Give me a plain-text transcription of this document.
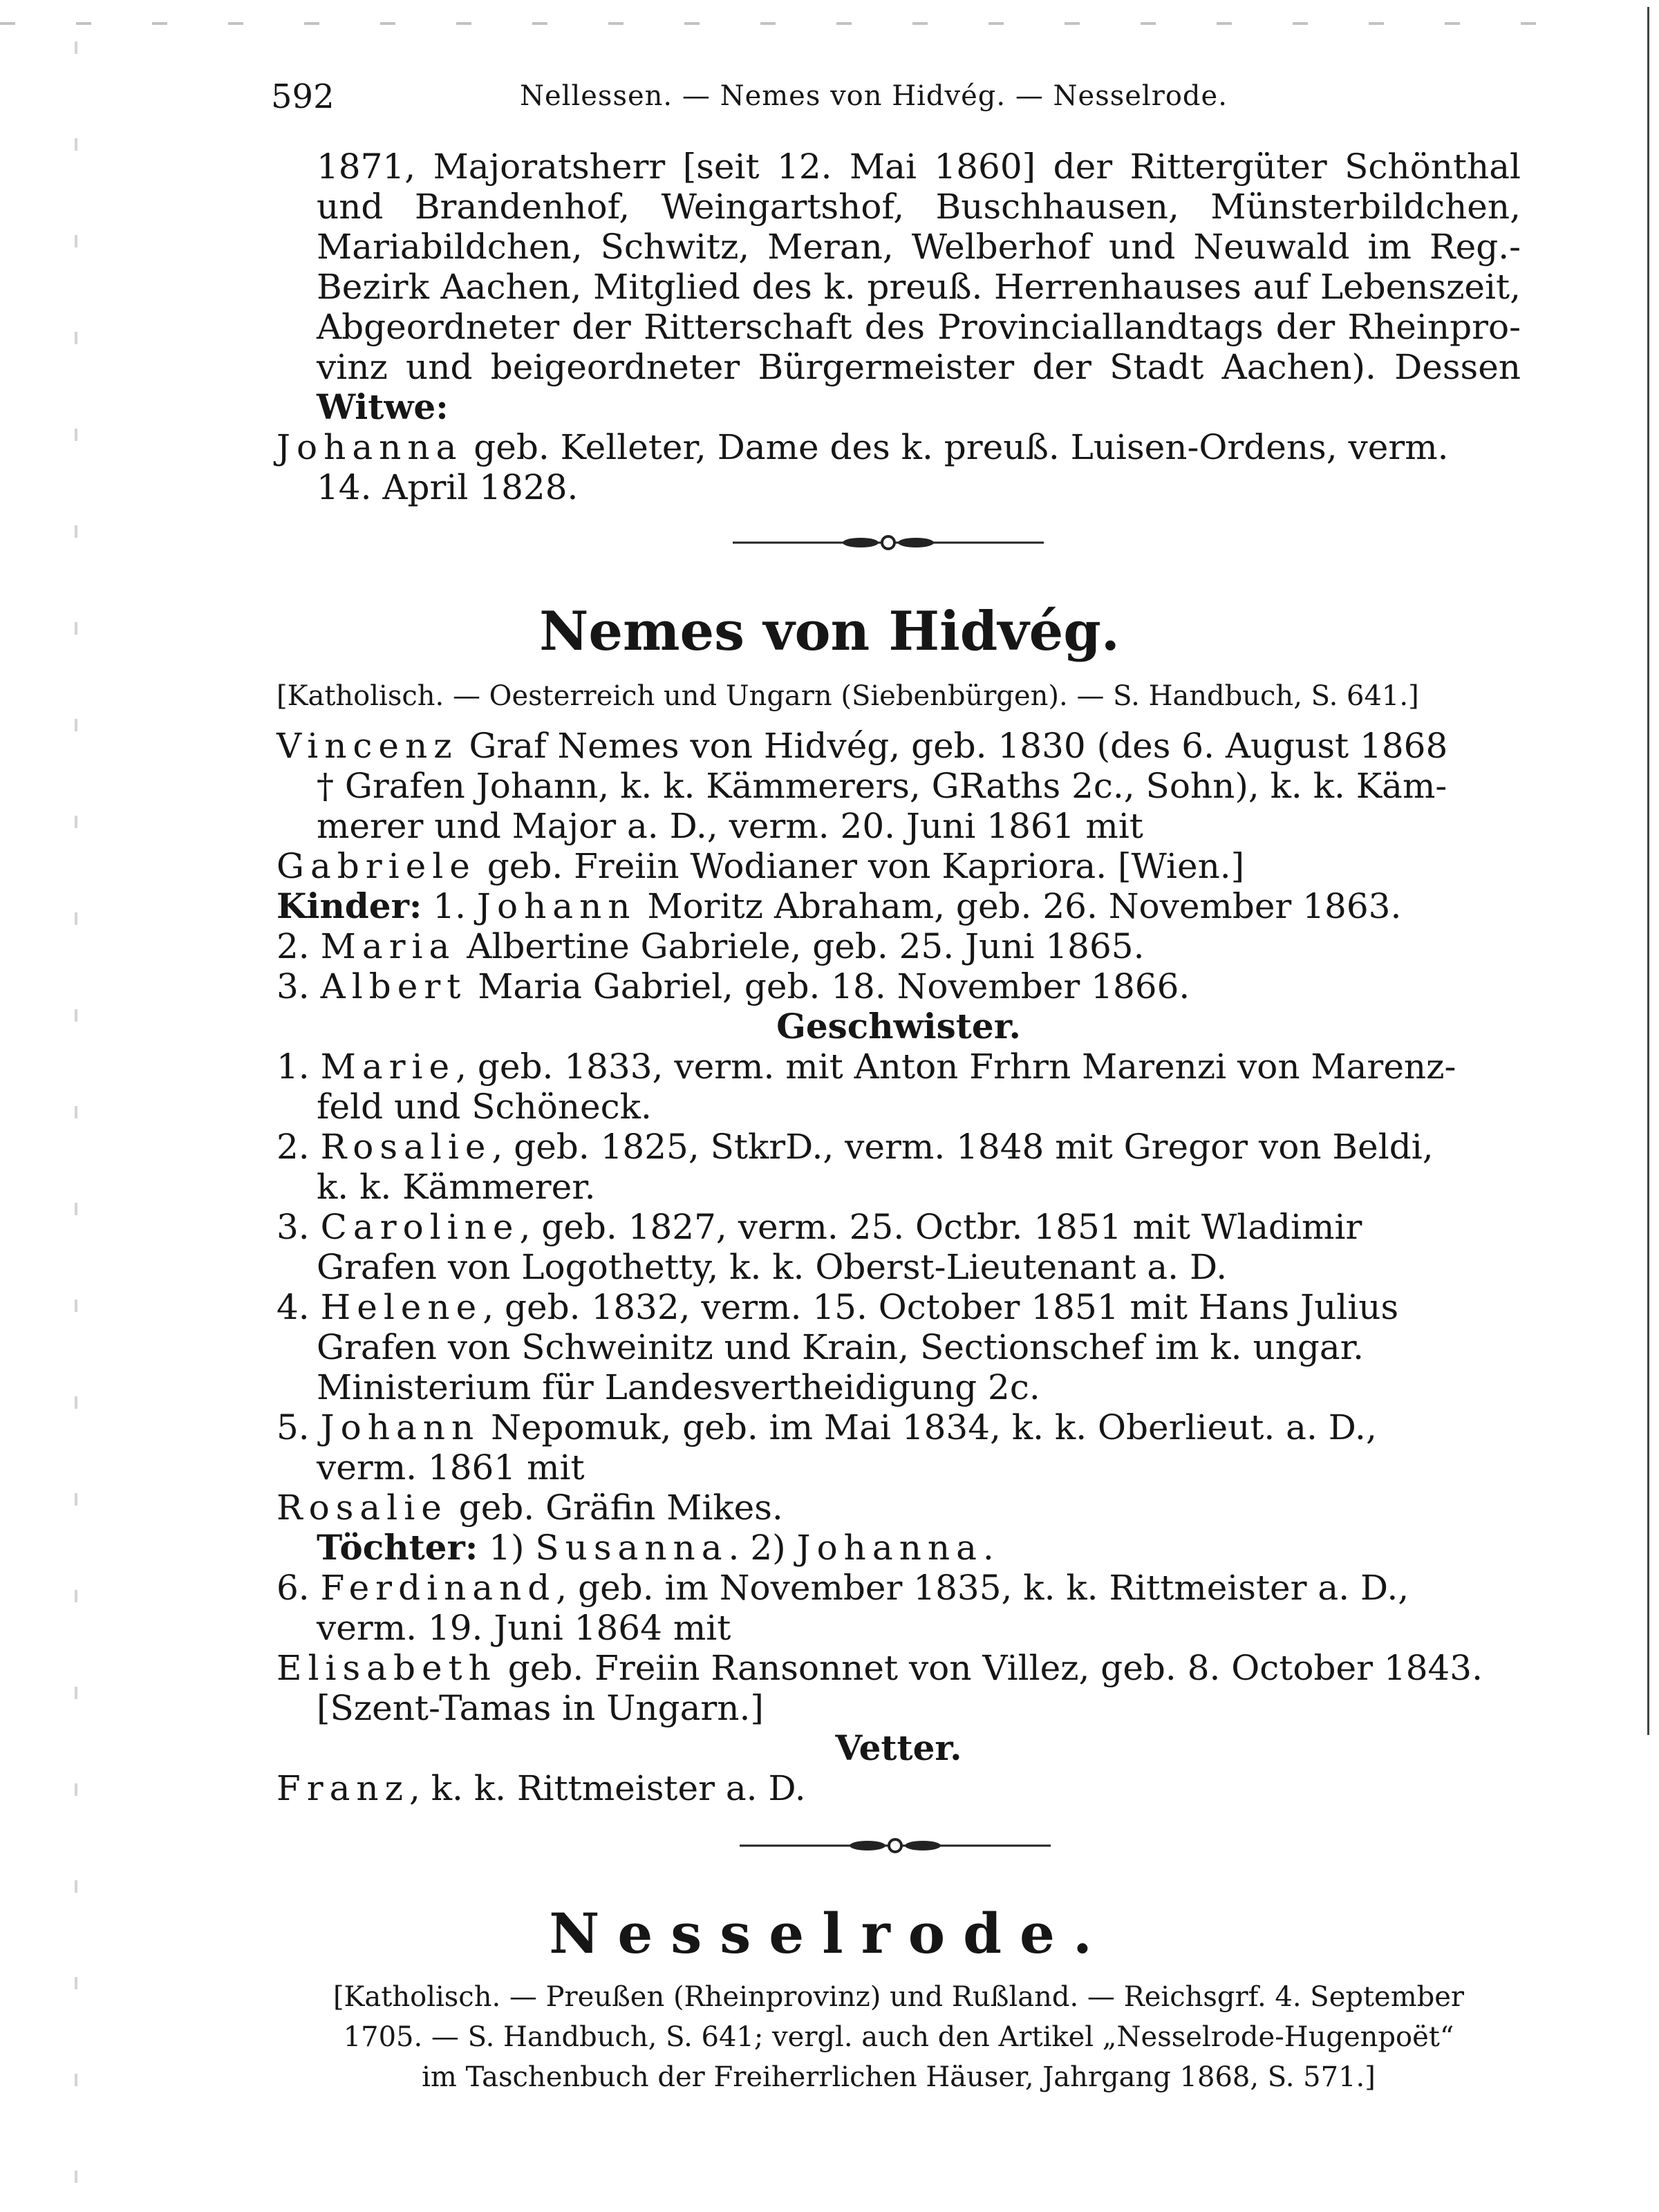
592	Nellessen. — Nemes von Hidvég. — Nesselrode.
1871, Majoratsherr [seit 12. Mai 1860] der Rittergüter Schönthal
und Brandenhof, Weingartshof, Buschhausen, Münsterbildchen,
Mariabildchen, Schwitz, Meran, Welberhof und Neuwald im Reg.-
Bezirk Aachen, Mitglied des k. preuß. Herrenhauses auf Lebenszeit,
Abgeordneter der Ritterschaft des Provinciallandtags der Rheinpro-
vinz und beigeordneter Bürgermeister der Stadt Aachen). Dessen
Witwe:
Johanna geb. Kelleter, Dame des k. preuß. Luisen-Ordens, verm.
14. April 1828.
Nemes von Hidvég.
[Katholisch. — Oesterreich und Ungarn (Siebenbürgen). — S. Handbuch, S. 641.]
Vincenz Graf Nemes von Hidvég, geb. 1830 (des 6. August 1868
† Grafen Johann, k. k. Kämmerers, GRaths 2c., Sohn), k. k. Käm-
merer und Major a. D., verm. 20. Juni 1861 mit
Gabriele geb. Freiin Wodianer von Kapriora. [Wien.]
Kinder: 1. Johann Moritz Abraham, geb. 26. November 1863.
2. Maria Albertine Gabriele, geb. 25. Juni 1865.
3. Albert Maria Gabriel, geb. 18. November 1866.
Geschwister.
1. Marie, geb. 1833, verm. mit Anton Frhrn Marenzi von Marenz-
feld und Schöneck.
2. Rosalie, geb. 1825, StkrD., verm. 1848 mit Gregor von Beldi,
k. k. Kämmerer.
3. Caroline, geb. 1827, verm. 25. Octbr. 1851 mit Wladimir
Grafen von Logothetty, k. k. Oberst-Lieutenant a. D.
4. Helene, geb. 1832, verm. 15. October 1851 mit Hans Julius
Grafen von Schweinitz und Krain, Sectionschef im k. ungar.
Ministerium für Landesvertheidigung 2c.
5. Johann Nepomuk, geb. im Mai 1834, k. k. Oberlieut. a. D.,
verm. 1861 mit
Rosalie geb. Gräfin Mikes.
Töchter: 1) Susanna. 2) Johanna.
6. Ferdinand, geb. im November 1835, k. k. Rittmeister a. D.,
verm. 19. Juni 1864 mit
Elisabeth geb. Freiin Ransonnet von Villez, geb. 8. October 1843.
[Szent-Tamas in Ungarn.]
Vetter.
Franz, k. k. Rittmeister a. D.
Nesselrode.
[Katholisch. — Preußen (Rheinprovinz) und Rußland. — Reichsgrf. 4. September
1705. — S. Handbuch, S. 641; vergl. auch den Artikel „Nesselrode-Hugenpoët“
im Taschenbuch der Freiherrlichen Häuser, Jahrgang 1868, S. 571.]
